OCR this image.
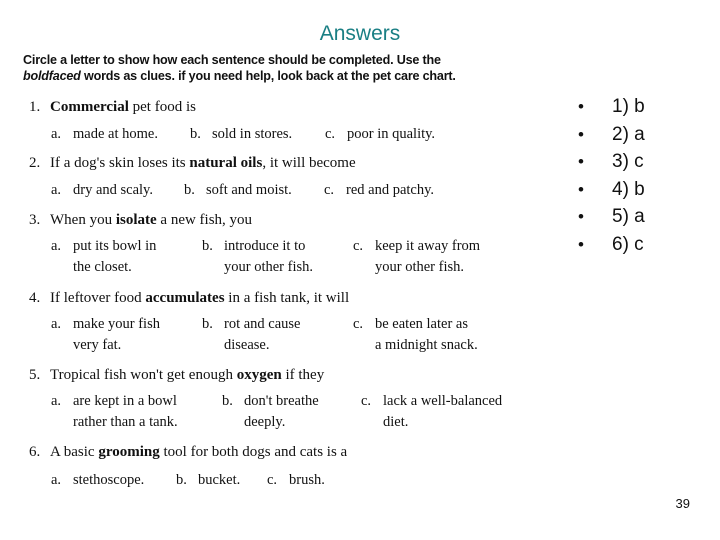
Answers
Circle a letter to show how each sentence should be completed. Use the
boldfaced words as clues. if you need help, look back at the pet care chart.
1. Commercial pet food is
a. made at home. b. sold in stores. c. poor in quality.
2. If a dog's skin loses its natural oils, it will become
a. dry and scaly. b. soft and moist. c. red and patchy.
3. When you isolate a new fish, you
a. put its bowl in
the closet.
b. introduce it to
your other fish.
c. keep it away from
your other fish.
4. If leftover food accumulates in a fish tank, it will
a. make your fish
very fat.
b. rot and cause
disease.
c. be eaten later as
a midnight snack.
5. Tropical fish won't get enough oxygen if they
a. are kept in a bowl
rather than a tank.
b. don't breathe
deeply.
c. lack a well-balanced
diet.
6. A basic grooming tool for both dogs and cats is a
a. stethoscope. b. bucket. c. brush.
• 1) b
• 2) a
• 3) c
• 4) b
• 5) a
• 6) c
39
